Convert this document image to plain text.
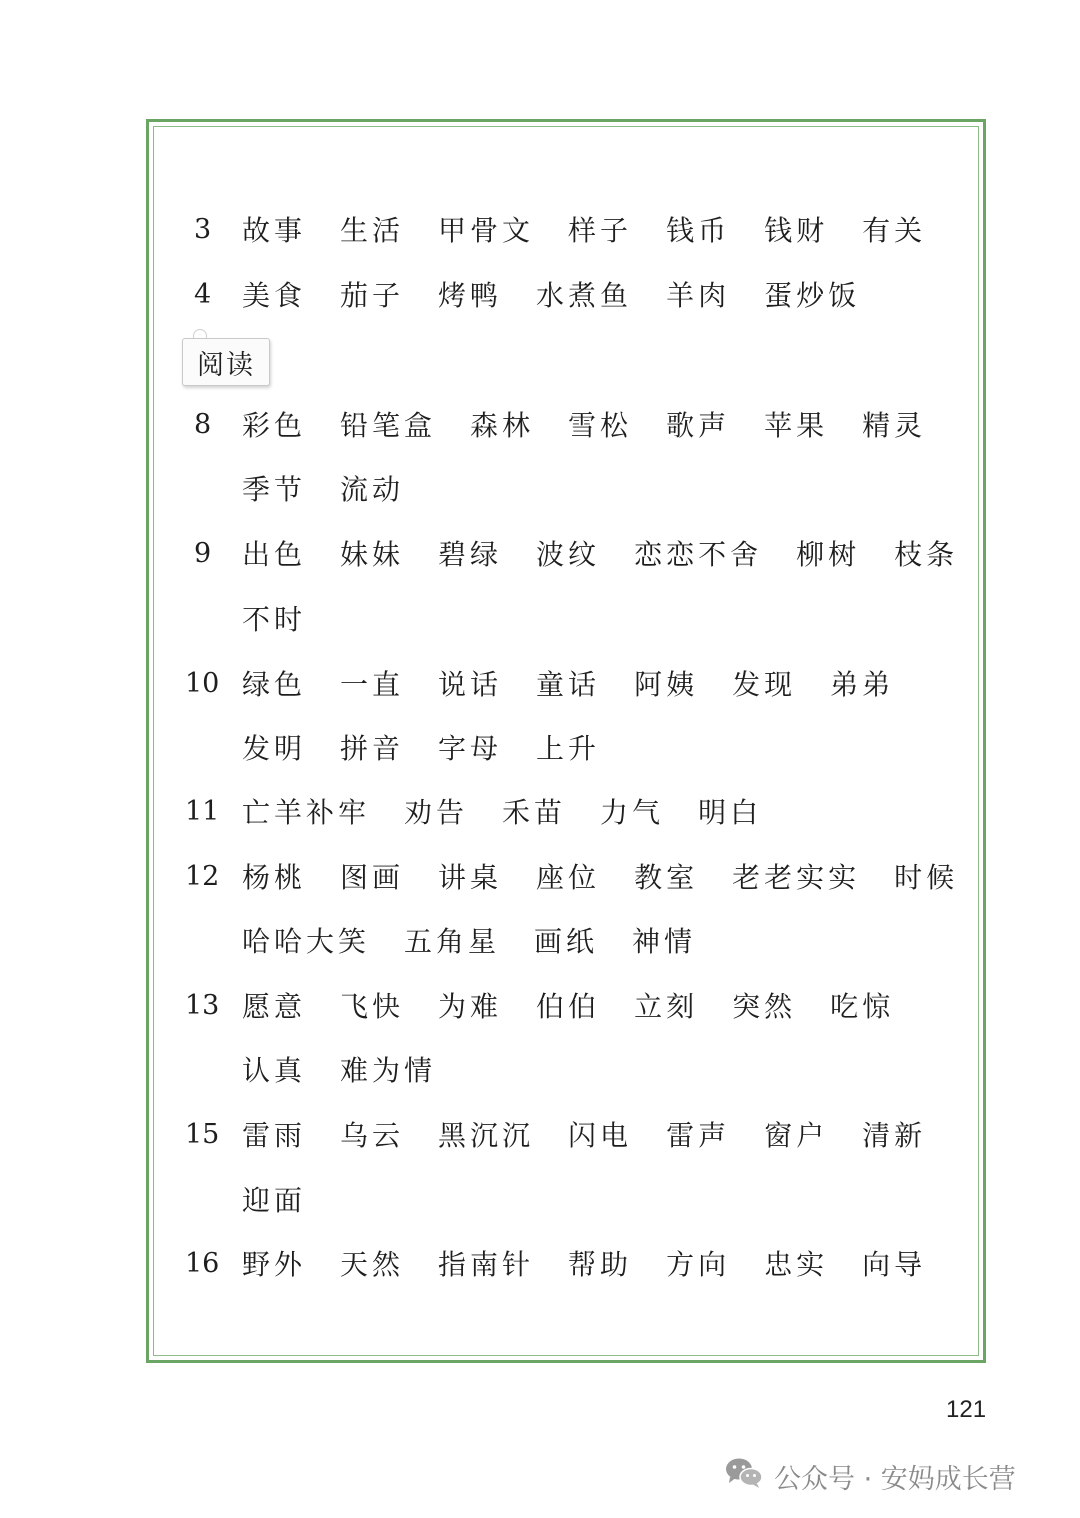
3	故事 生活 甲骨文 样子 钱币 钱财 有关
4	美食 茄子 烤鸭 水煮鱼 羊肉 蛋炒饭
阅读
8	彩色 铅笔盒 森林 雪松 歌声 苹果 精灵
季节 流动
9	出色 妹妹 碧绿 波纹 恋恋不舍 柳树 枝条
不时
10 绿色 一直 说话 童话 阿姨 发现 弟弟
发明 拼音 字母 上升
11 亡羊补牢 劝告 禾苗 力气 明白
12 杨桃 图画 讲桌 座位 教室 老老实实 时候
哈哈大笑 五角星 画纸 神情
13 愿意 飞快 为难 伯伯 立刻 突然 吃惊
认真 难为情
15 雷雨 乌云 黑沉沉 闪电 雷声 窗户 清新
迎面
16 野外 天然 指南针 帮助 方向 忠实 向导
121
公众号 · 安妈成长营
